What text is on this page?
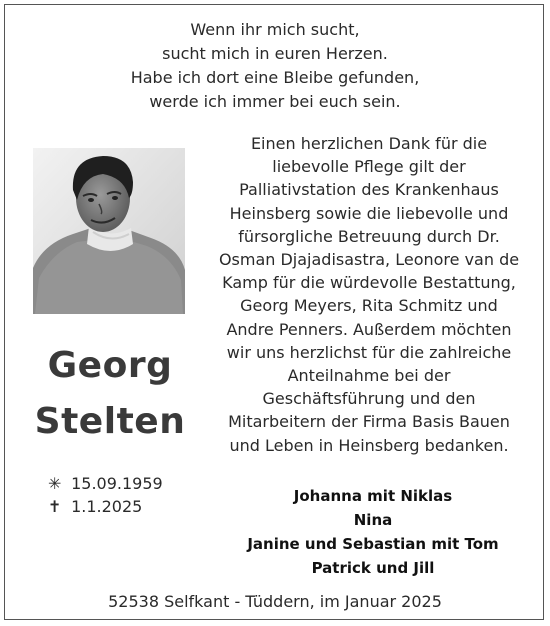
Wenn ihr mich sucht,
sucht mich in euren Herzen.
Habe ich dort eine Bleibe gefunden,
werde ich immer bei euch sein.
Georg
Stelten
✳ 15.09.1959
✝ 1.1.2025
Einen herzlichen Dank für die
liebevolle Pflege gilt der
Palliativstation des Krankenhaus
Heinsberg sowie die liebevolle und
fürsorgliche Betreuung durch Dr.
Osman Djajadisastra, Leonore van de
Kamp für die würdevolle Bestattung,
Georg Meyers, Rita Schmitz und
Andre Penners. Außerdem möchten
wir uns herzlichst für die zahlreiche
Anteilnahme bei der
Geschäftsführung und den
Mitarbeitern der Firma Basis Bauen
und Leben in Heinsberg bedanken.
Johanna mit Niklas
Nina
Janine und Sebastian mit Tom
Patrick und Jill
52538 Selfkant - Tüddern, im Januar 2025
